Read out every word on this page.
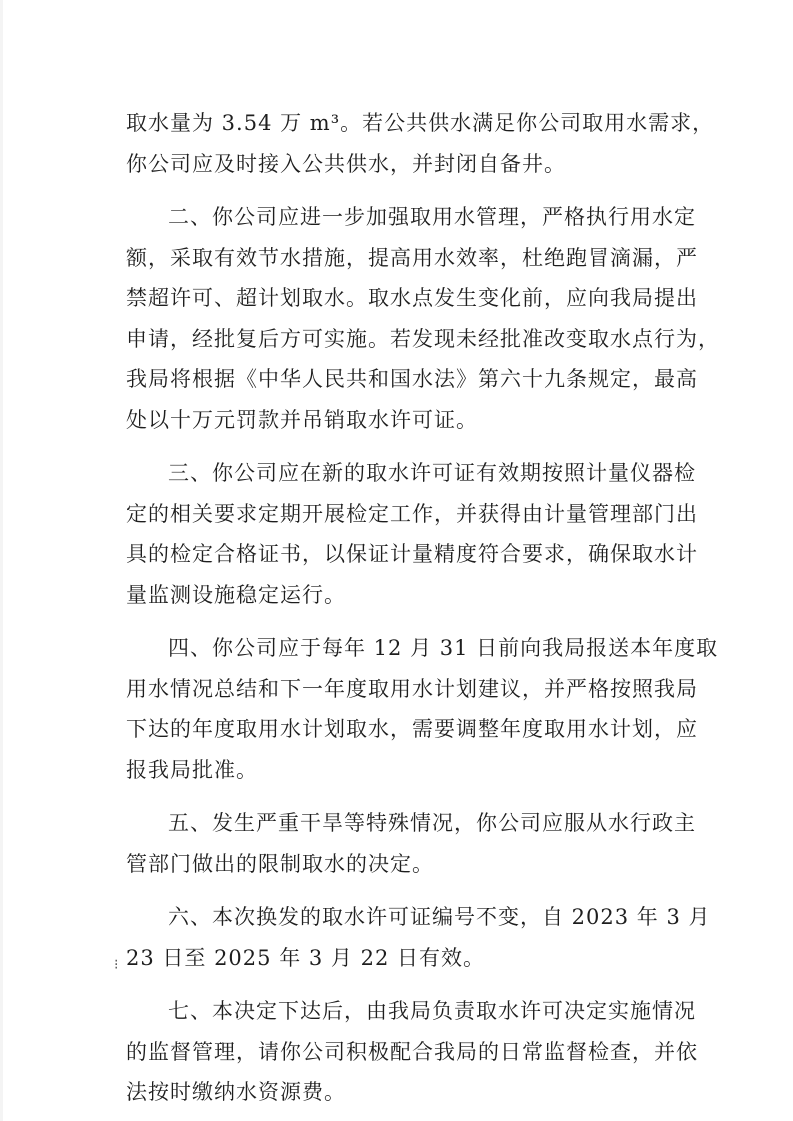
取水量为 3.54 万 m³。若公共供水满足你公司取用水需求，
你公司应及时接入公共供水，并封闭自备井。

二、你公司应进一步加强取用水管理，严格执行用水定
额，采取有效节水措施，提高用水效率，杜绝跑冒滴漏，严
禁超许可、超计划取水。取水点发生变化前，应向我局提出
申请，经批复后方可实施。若发现未经批准改变取水点行为，
我局将根据《中华人民共和国水法》第六十九条规定，最高
处以十万元罚款并吊销取水许可证。

三、你公司应在新的取水许可证有效期按照计量仪器检
定的相关要求定期开展检定工作，并获得由计量管理部门出
具的检定合格证书，以保证计量精度符合要求，确保取水计
量监测设施稳定运行。

四、你公司应于每年 12 月 31 日前向我局报送本年度取
用水情况总结和下一年度取用水计划建议，并严格按照我局
下达的年度取用水计划取水，需要调整年度取用水计划，应
报我局批准。

五、发生严重干旱等特殊情况，你公司应服从水行政主
管部门做出的限制取水的决定。

六、本次换发的取水许可证编号不变，自 2023 年 3 月
23 日至 2025 年 3 月 22 日有效。

七、本决定下达后，由我局负责取水许可决定实施情况
的监督管理，请你公司积极配合我局的日常监督检查，并依
法按时缴纳水资源费。

⁝
